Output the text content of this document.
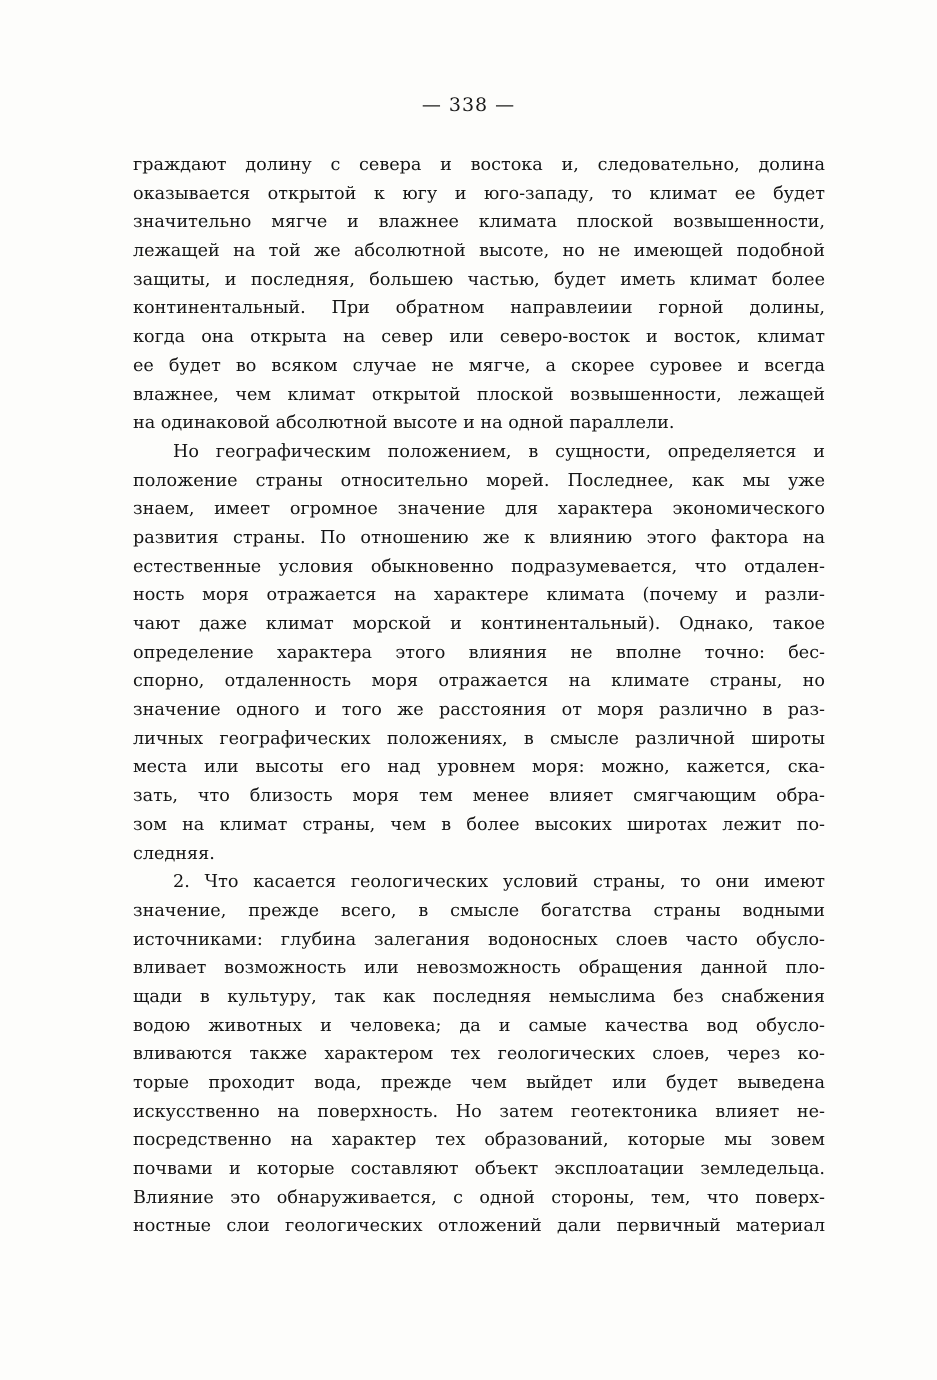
— 338 —
граждают долину с севера и востока и, следовательно, долина
оказывается открытой к югу и юго-западу, то климат ее будет
значительно мягче и влажнее климата плоской возвышенности,
лежащей на той же абсолютной высоте, но не имеющей подобной
защиты, и последняя, большею частью, будет иметь климат более
континентальный. При обратном направлеиии горной долины,
когда она открыта на север или северо-восток и восток, климат
ее будет во всяком случае не мягче, а скорее суровее и всегда
влажнее, чем климат открытой плоской возвышенности, лежащей
на одинаковой абсолютной высоте и на одной параллели.
Но географическим положением, в сущности, определяется и
положение страны относительно морей. Последнее, как мы уже
знаем, имеет огромное значение для характера экономического
развития страны. По отношению же к влиянию этого фактора на
естественные условия обыкновенно подразумевается, что отдален-
ность моря отражается на характере климата (почему и разли-
чают даже климат морской и континентальный). Однако, такое
определение характера этого влияния не вполне точно: бес-
спорно, отдаленность моря отражается на климате страны, но
значение одного и того же расстояния от моря различно в раз-
личных географических положениях, в смысле различной широты
места или высоты его над уровнем моря: можно, кажется, ска-
зать, что близость моря тем менее влияет смягчающим обра-
зом на климат страны, чем в более высоких широтах лежит по-
следняя.
2. Что касается геологических условий страны, то они имеют
значение, прежде всего, в смысле богатства страны водными
источниками: глубина залегания водоносных слоев часто обусло-
вливает возможность или невозможность обращения данной пло-
щади в культуру, так как последняя немыслима без снабжения
водою животных и человека; да и самые качества вод обусло-
вливаются также характером тех геологических слоев, через ко-
торые проходит вода, прежде чем выйдет или будет выведена
искусственно на поверхность. Но затем геотектоника влияет не-
посредственно на характер тех образований, которые мы зовем
почвами и которые составляют объект эксплоатации земледельца.
Влияние это обнаруживается, с одной стороны, тем, что поверх-
ностные слои геологических отложений дали первичный материал
